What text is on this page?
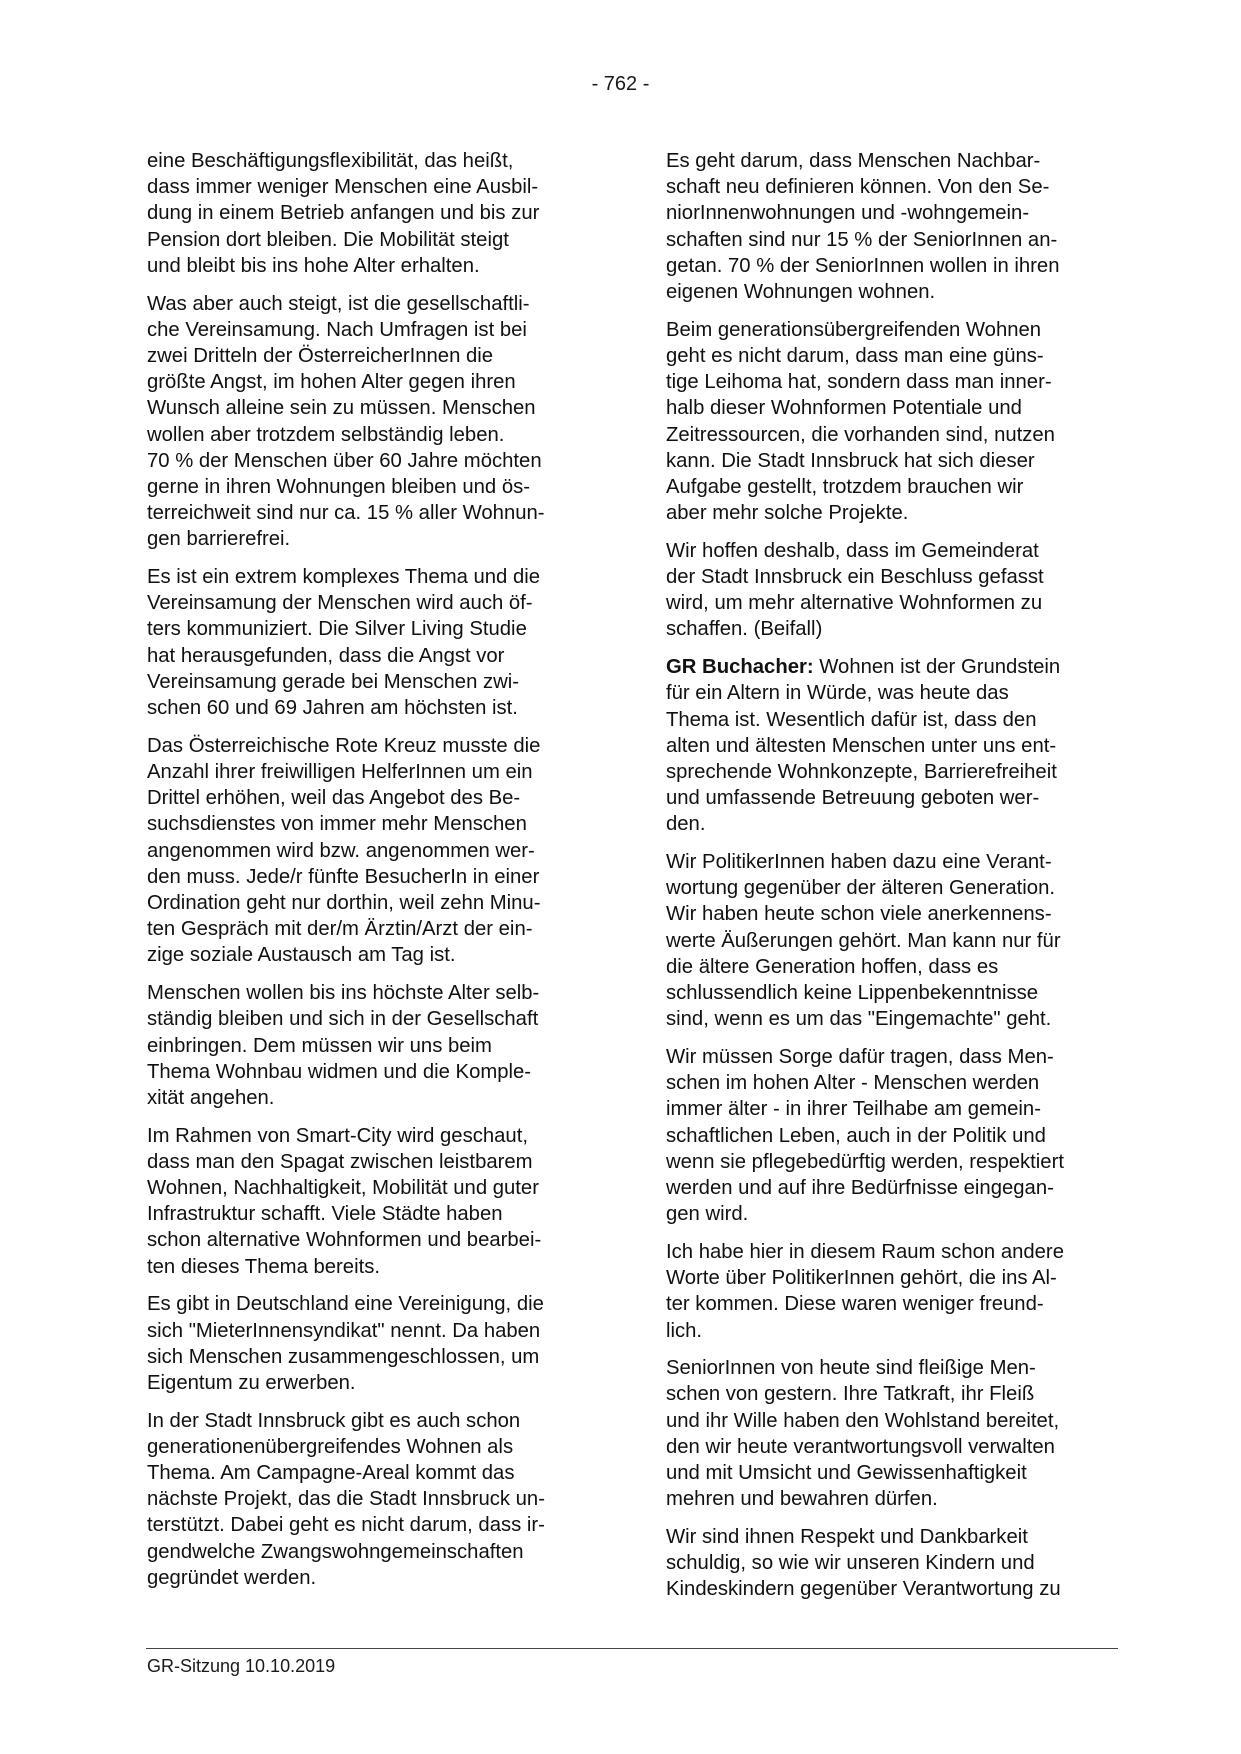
- 762 -

eine Beschäftigungsflexibilität, das heißt,
dass immer weniger Menschen eine Ausbil-
dung in einem Betrieb anfangen und bis zur
Pension dort bleiben. Die Mobilität steigt
und bleibt bis ins hohe Alter erhalten.

Was aber auch steigt, ist die gesellschaftli-
che Vereinsamung. Nach Umfragen ist bei
zwei Dritteln der ÖsterreicherInnen die
größte Angst, im hohen Alter gegen ihren
Wunsch alleine sein zu müssen. Menschen
wollen aber trotzdem selbständig leben.
70 % der Menschen über 60 Jahre möchten
gerne in ihren Wohnungen bleiben und ös-
terreichweit sind nur ca. 15 % aller Wohnun-
gen barrierefrei.

Es ist ein extrem komplexes Thema und die
Vereinsamung der Menschen wird auch öf-
ters kommuniziert. Die Silver Living Studie
hat herausgefunden, dass die Angst vor
Vereinsamung gerade bei Menschen zwi-
schen 60 und 69 Jahren am höchsten ist.

Das Österreichische Rote Kreuz musste die
Anzahl ihrer freiwilligen HelferInnen um ein
Drittel erhöhen, weil das Angebot des Be-
suchsdienstes von immer mehr Menschen
angenommen wird bzw. angenommen wer-
den muss. Jede/r fünfte BesucherIn in einer
Ordination geht nur dorthin, weil zehn Minu-
ten Gespräch mit der/m Ärztin/Arzt der ein-
zige soziale Austausch am Tag ist.

Menschen wollen bis ins höchste Alter selb-
ständig bleiben und sich in der Gesellschaft
einbringen. Dem müssen wir uns beim
Thema Wohnbau widmen und die Komple-
xität angehen.

Im Rahmen von Smart-City wird geschaut,
dass man den Spagat zwischen leistbarem
Wohnen, Nachhaltigkeit, Mobilität und guter
Infrastruktur schafft. Viele Städte haben
schon alternative Wohnformen und bearbei-
ten dieses Thema bereits.

Es gibt in Deutschland eine Vereinigung, die
sich "MieterInnensyndikat" nennt. Da haben
sich Menschen zusammengeschlossen, um
Eigentum zu erwerben.

In der Stadt Innsbruck gibt es auch schon
generationenübergreifendes Wohnen als
Thema. Am Campagne-Areal kommt das
nächste Projekt, das die Stadt Innsbruck un-
terstützt. Dabei geht es nicht darum, dass ir-
gendwelche Zwangswohngemeinschaften
gegründet werden.

Es geht darum, dass Menschen Nachbar-
schaft neu definieren können. Von den Se-
niorInnenwohnungen und -wohngemein-
schaften sind nur 15 % der SeniorInnen an-
getan. 70 % der SeniorInnen wollen in ihren
eigenen Wohnungen wohnen.

Beim generationsübergreifenden Wohnen
geht es nicht darum, dass man eine güns-
tige Leihoma hat, sondern dass man inner-
halb dieser Wohnformen Potentiale und
Zeitressourcen, die vorhanden sind, nutzen
kann. Die Stadt Innsbruck hat sich dieser
Aufgabe gestellt, trotzdem brauchen wir
aber mehr solche Projekte.

Wir hoffen deshalb, dass im Gemeinderat
der Stadt Innsbruck ein Beschluss gefasst
wird, um mehr alternative Wohnformen zu
schaffen. (Beifall)

GR Buchacher: Wohnen ist der Grundstein
für ein Altern in Würde, was heute das
Thema ist. Wesentlich dafür ist, dass den
alten und ältesten Menschen unter uns ent-
sprechende Wohnkonzepte, Barrierefreiheit
und umfassende Betreuung geboten wer-
den.

Wir PolitikerInnen haben dazu eine Verant-
wortung gegenüber der älteren Generation.
Wir haben heute schon viele anerkennens-
werte Äußerungen gehört. Man kann nur für
die ältere Generation hoffen, dass es
schlussendlich keine Lippenbekenntnisse
sind, wenn es um das "Eingemachte" geht.

Wir müssen Sorge dafür tragen, dass Men-
schen im hohen Alter - Menschen werden
immer älter - in ihrer Teilhabe am gemein-
schaftlichen Leben, auch in der Politik und
wenn sie pflegebedürftig werden, respektiert
werden und auf ihre Bedürfnisse eingegan-
gen wird.

Ich habe hier in diesem Raum schon andere
Worte über PolitikerInnen gehört, die ins Al-
ter kommen. Diese waren weniger freund-
lich.

SeniorInnen von heute sind fleißige Men-
schen von gestern. Ihre Tatkraft, ihr Fleiß
und ihr Wille haben den Wohlstand bereitet,
den wir heute verantwortungsvoll verwalten
und mit Umsicht und Gewissenhaftigkeit
mehren und bewahren dürfen.

Wir sind ihnen Respekt und Dankbarkeit
schuldig, so wie wir unseren Kindern und
Kindeskindern gegenüber Verantwortung zu

GR-Sitzung 10.10.2019
